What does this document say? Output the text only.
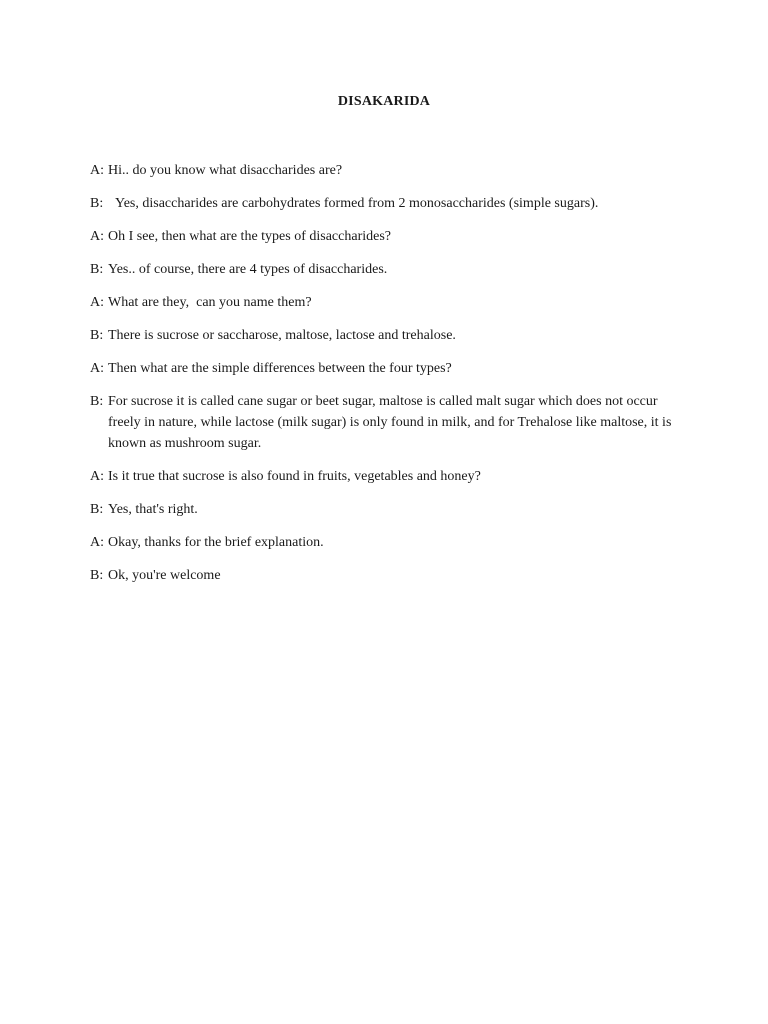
DISAKARIDA
A: Hi.. do you know what disaccharides are?
B: Yes, disaccharides are carbohydrates formed from 2 monosaccharides (simple sugars).
A: Oh I see, then what are the types of disaccharides?
B: Yes.. of course, there are 4 types of disaccharides.
A: What are they,  can you name them?
B: There is sucrose or saccharose, maltose, lactose and trehalose.
A: Then what are the simple differences between the four types?
B: For sucrose it is called cane sugar or beet sugar, maltose is called malt sugar which does not occur freely in nature, while lactose (milk sugar) is only found in milk, and for Trehalose like maltose, it is known as mushroom sugar.
A: Is it true that sucrose is also found in fruits, vegetables and honey?
B: Yes, that's right.
A: Okay, thanks for the brief explanation.
B: Ok, you're welcome
